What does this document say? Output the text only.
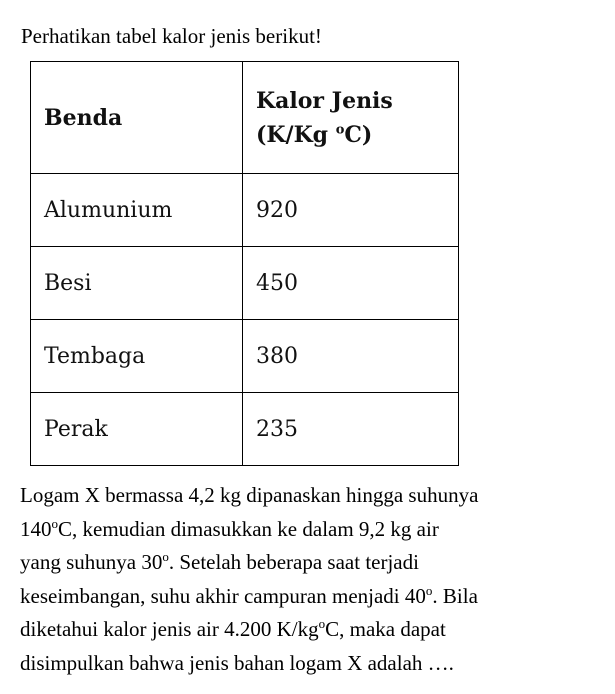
Perhatikan tabel kalor jenis berikut!
Benda	Kalor Jenis
(K/Kg $^o$C)
Alumunium	920
Besi	450
Tembaga	380
Perak	235

Logam X bermassa 4,2 kg dipanaskan hingga suhunya
140$^o$C, kemudian dimasukkan ke dalam 9,2 kg air
yang suhunya 30$^o$. Setelah beberapa saat terjadi
keseimbangan, suhu akhir campuran menjadi 40$^o$. Bila
diketahui kalor jenis air 4.200 $K/kg^oC$, maka dapat
disimpulkan bahwa jenis bahan logam X adalah ….
